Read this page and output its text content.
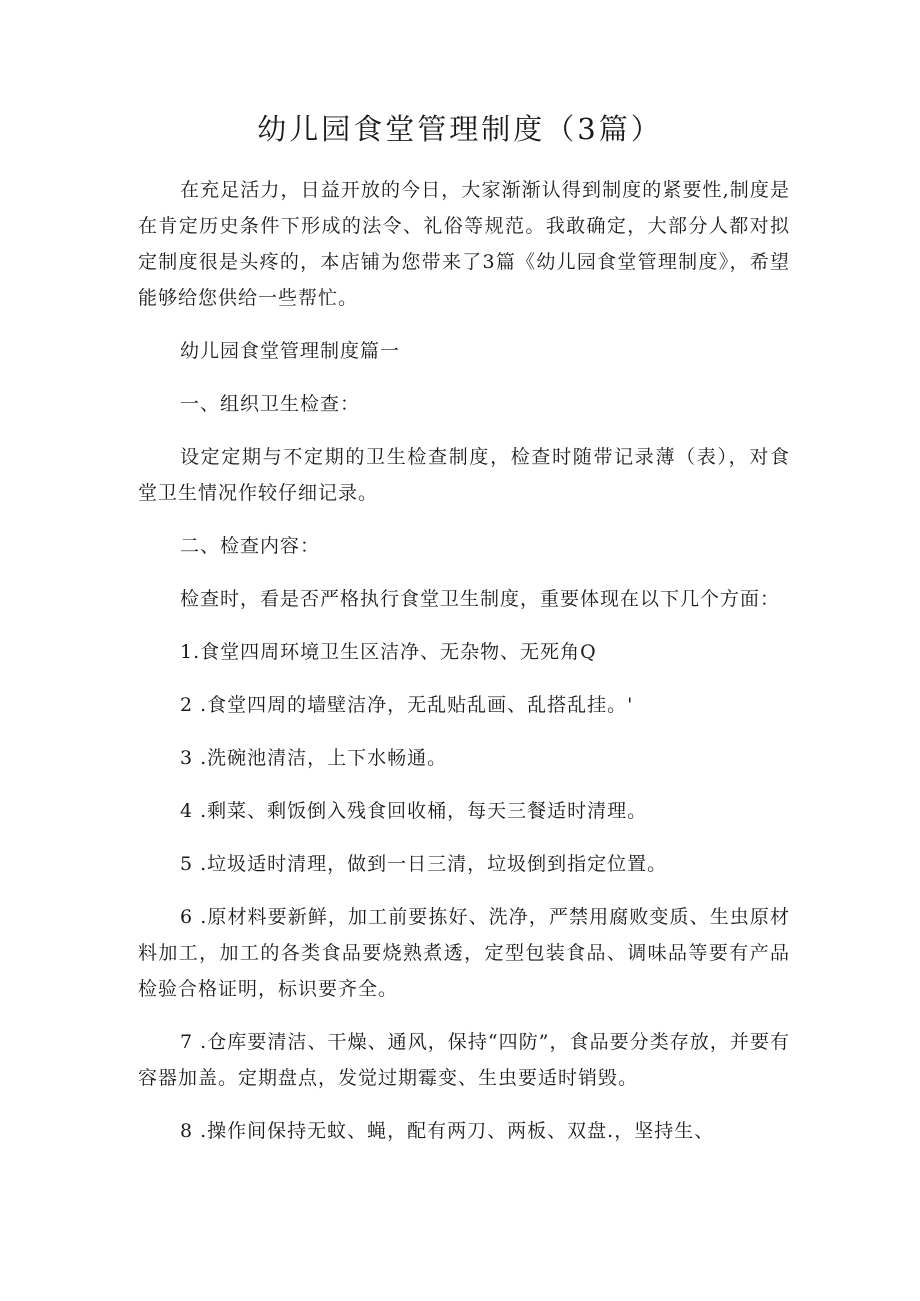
幼儿园食堂管理制度（3篇）

在充足活力，日益开放的今日，大家渐渐认得到制度的紧要性,制度是在肯定历史条件下形成的法令、礼俗等规范。我敢确定，大部分人都对拟定制度很是头疼的，本店铺为您带来了3篇《幼儿园食堂管理制度》，希望能够给您供给一些帮忙。

幼儿园食堂管理制度篇一

一、组织卫生检查：

设定定期与不定期的卫生检查制度，检查时随带记录薄（表），对食堂卫生情况作较仔细记录。

二、检查内容：

检查时，看是否严格执行食堂卫生制度，重要体现在以下几个方面：

1.食堂四周环境卫生区洁净、无杂物、无死角Q

2 .食堂四周的墙壁洁净，无乱贴乱画、乱搭乱挂。'

3 .洗碗池清洁，上下水畅通。

4 .剩菜、剩饭倒入残食回收桶，每天三餐适时清理。

5 .垃圾适时清理，做到一日三清，垃圾倒到指定位置。

6 .原材料要新鲜，加工前要拣好、洗净，严禁用腐败变质、生虫原材料加工，加工的各类食品要烧熟煮透，定型包装食品、调味品等要有产品检验合格证明，标识要齐全。

7 .仓库要清洁、干燥、通风，保持“四防”，食品要分类存放，并要有容器加盖。定期盘点，发觉过期霉变、生虫要适时销毁。

8 .操作间保持无蚊、蝇，配有两刀、两板、双盘.，坚持生、
